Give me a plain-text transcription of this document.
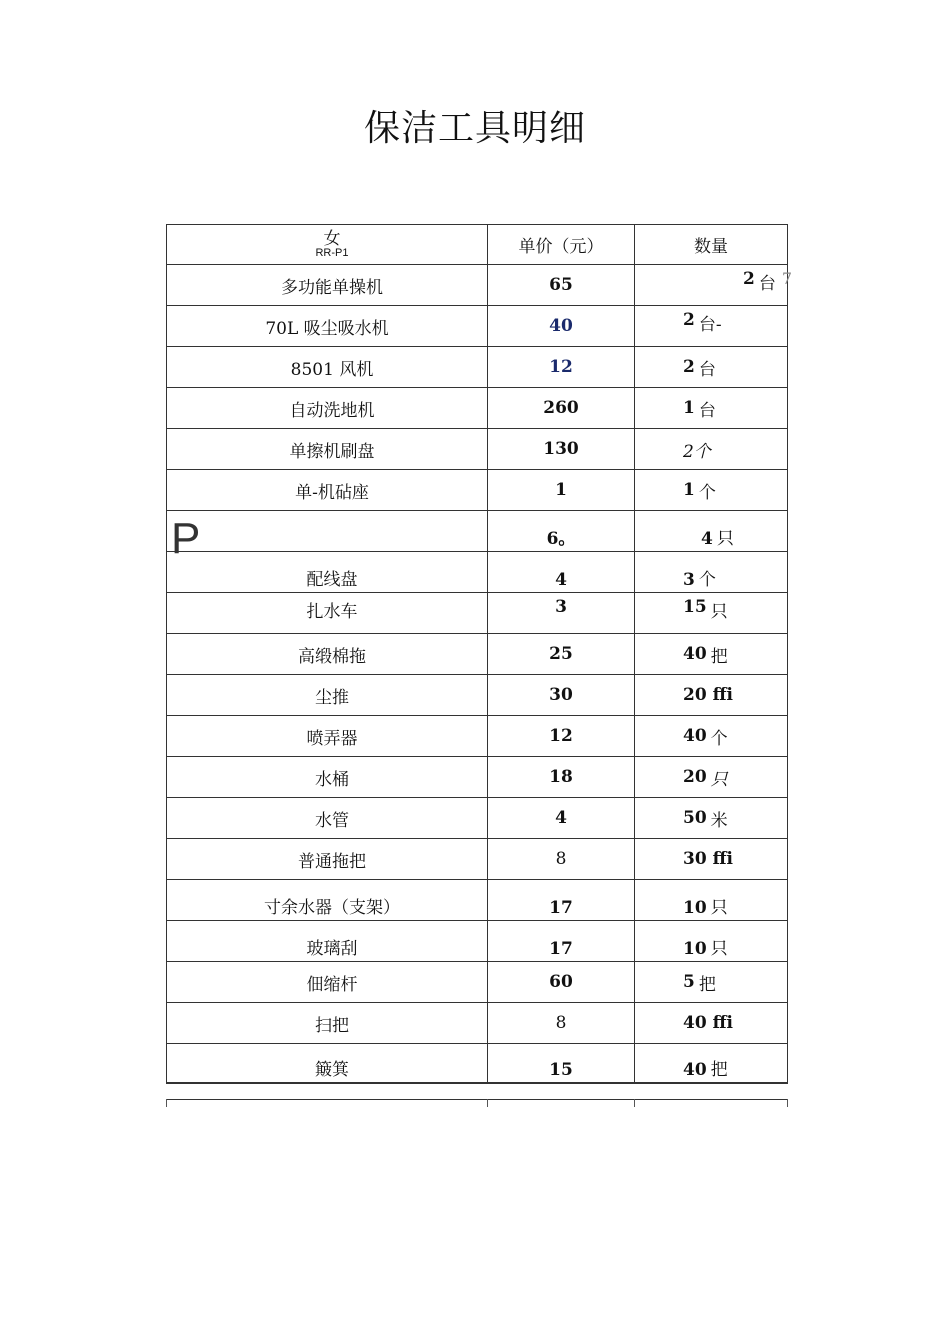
保洁工具明细
女
RR-P1	单价（元）	数量
多功能单操机	65	2 台 7
70L 吸尘吸水机	40	2 台-
8501 风机	12	2 台
自动洗地机	260	1 台
单擦机刷盘	130	2个
单-机砧座	1	1 个
P	6。	4 只
配线盘	4	3 个
扎水车	3	15 只
高缎棉拖	25	40 把
尘推	30	20 ffi
喷弄器	12	40 个
水桶	18	20 只
水管	4	50 米
普通拖把	8	30 ffi
寸余水器（支架）	17	10 只
玻璃刮	17	10 只
佃缩杆	60	5 把
扫把	8	40 ffi
簸箕	15	40 把
